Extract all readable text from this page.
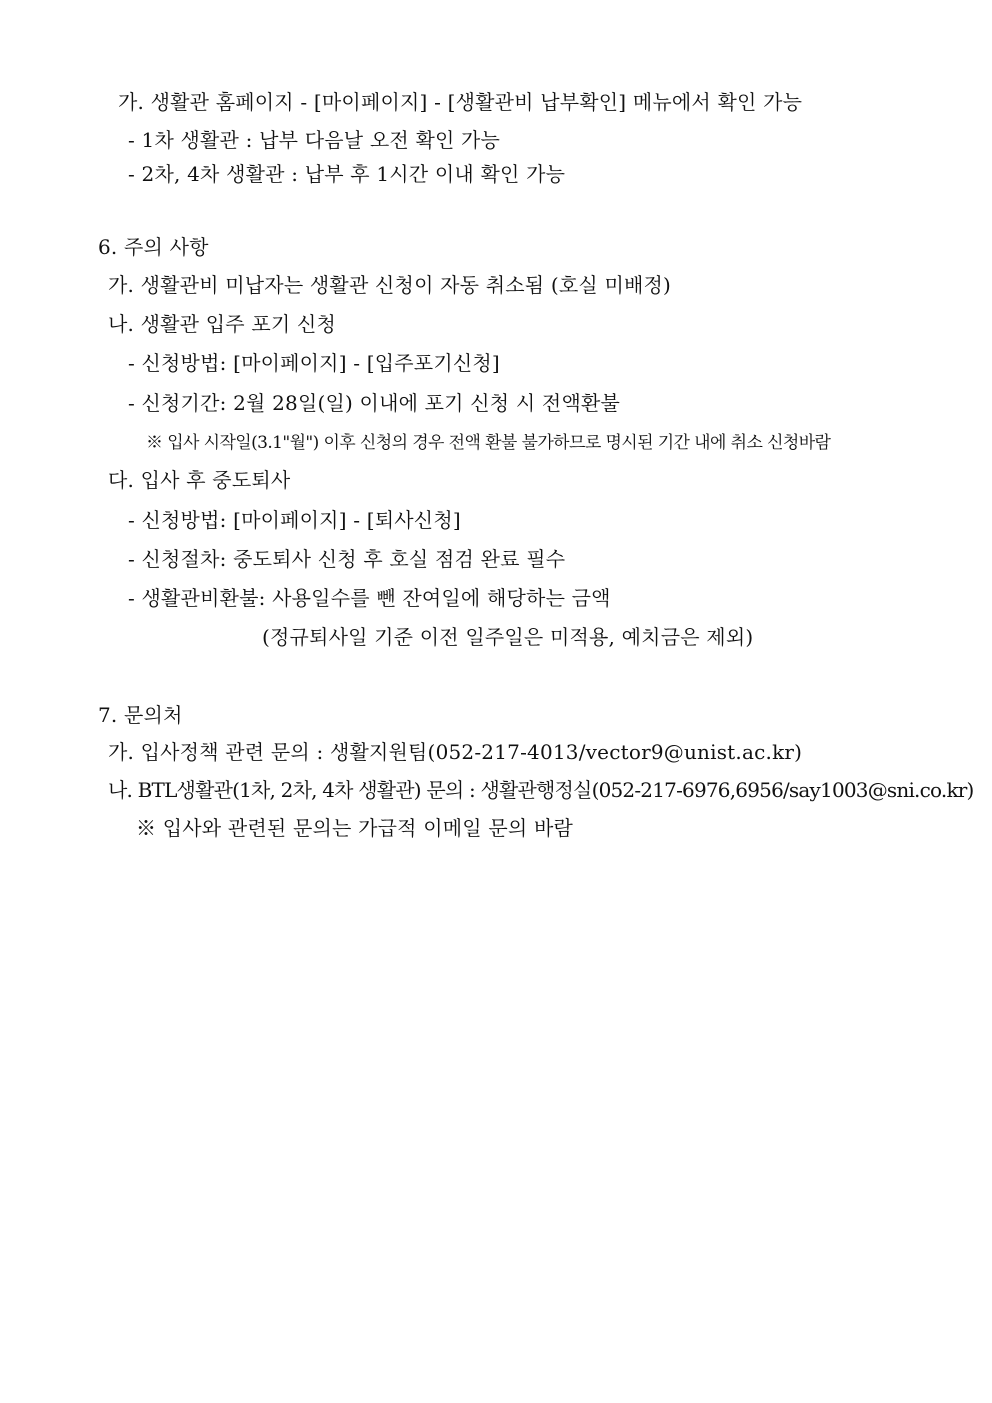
가. 생활관 홈페이지 - [마이페이지] - [생활관비 납부확인] 메뉴에서 확인 가능
- 1차 생활관 : 납부 다음날 오전 확인 가능
- 2차, 4차 생활관 : 납부 후 1시간 이내 확인 가능
6. 주의 사항
가. 생활관비 미납자는 생활관 신청이 자동 취소됨 (호실 미배정)
나. 생활관 입주 포기 신청
- 신청방법: [마이페이지] - [입주포기신청]
- 신청기간: 2월 28일(일) 이내에 포기 신청 시 전액환불
※ 입사 시작일(3.1"월") 이후 신청의 경우 전액 환불 불가하므로 명시된 기간 내에 취소 신청바람
다. 입사 후 중도퇴사
- 신청방법: [마이페이지] - [퇴사신청]
- 신청절차: 중도퇴사 신청 후 호실 점검 완료 필수
- 생활관비환불: 사용일수를 뺀 잔여일에 해당하는 금액
(정규퇴사일 기준 이전 일주일은 미적용, 예치금은 제외)
7. 문의처
가. 입사정책 관련 문의 : 생활지원팀(052-217-4013/vector9@unist.ac.kr)
나. BTL생활관(1차, 2차, 4차 생활관) 문의 : 생활관행정실(052-217-6976,6956/say1003@sni.co.kr)
※ 입사와 관련된 문의는 가급적 이메일 문의 바람
